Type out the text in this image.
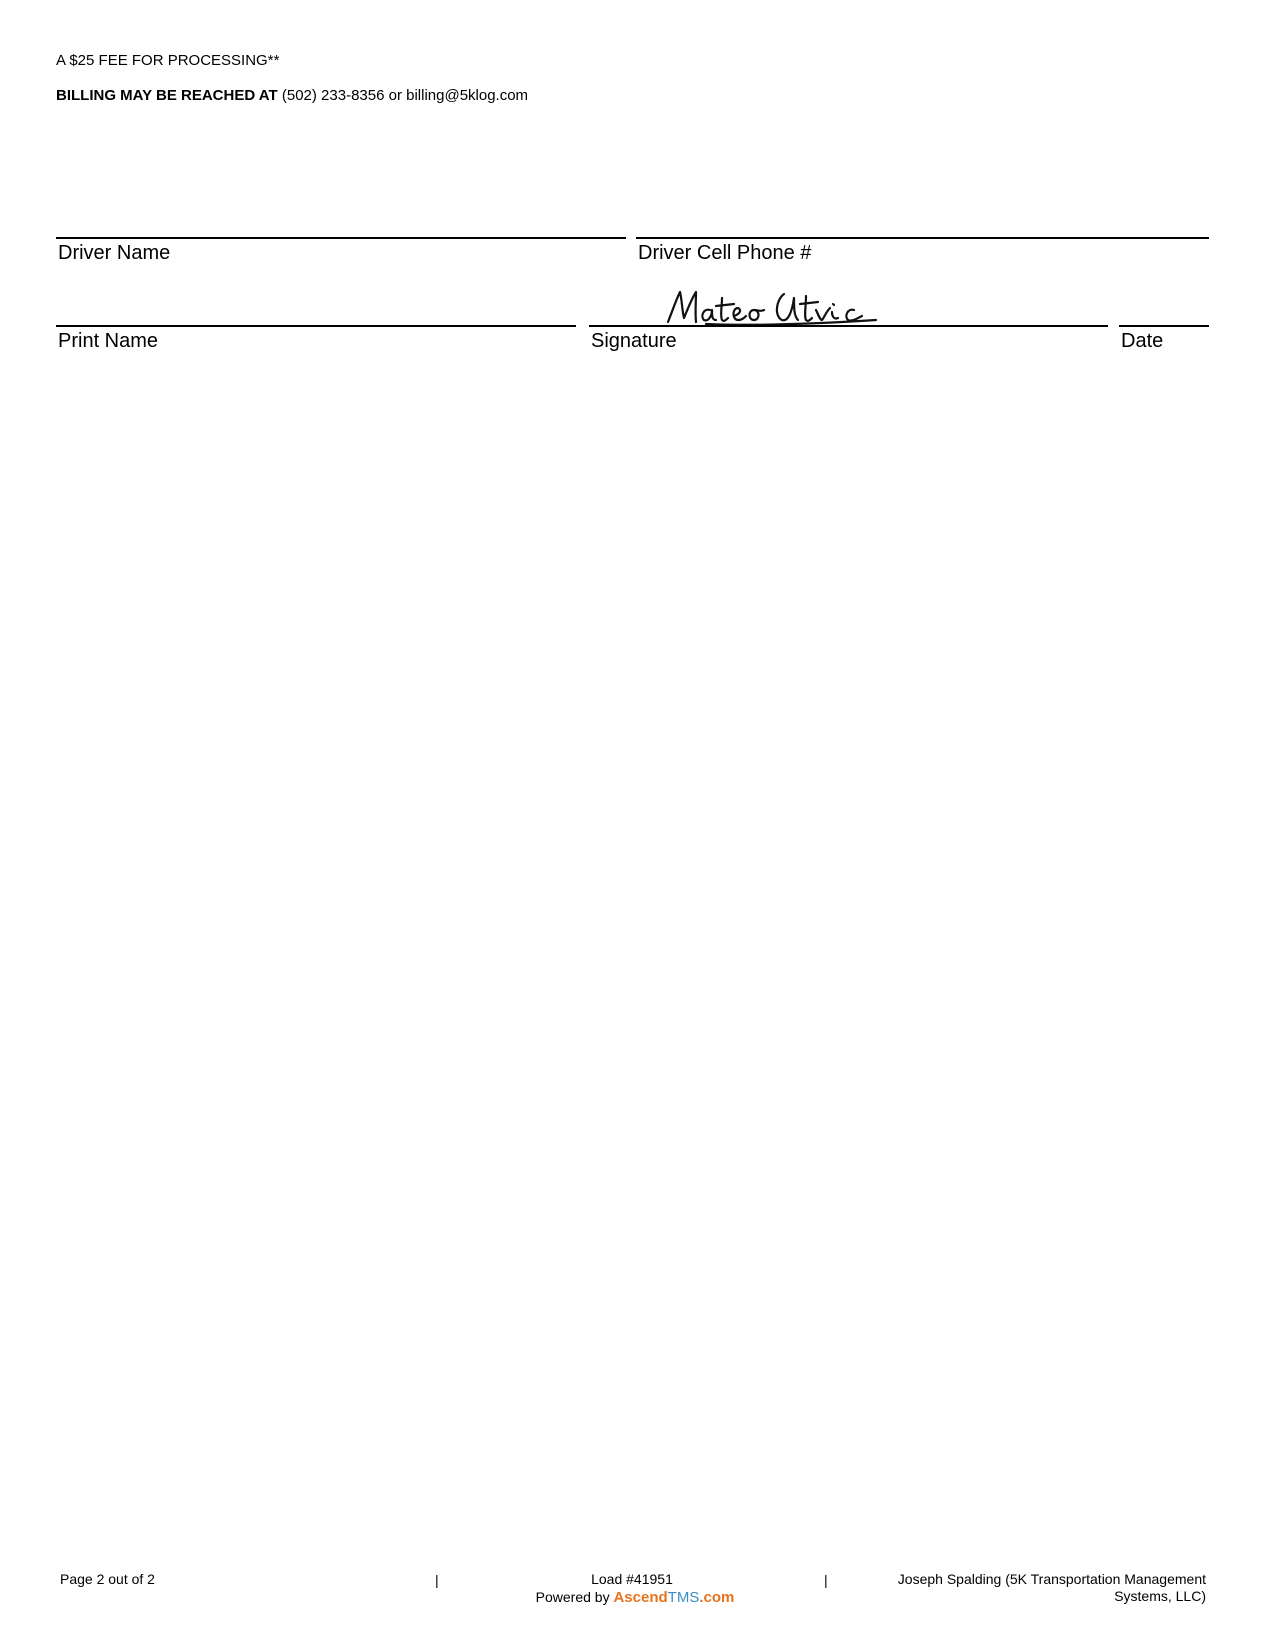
A $25 FEE FOR PROCESSING**
BILLING MAY BE REACHED AT (502) 233-8356 or billing@5klog.com
Driver Name	Driver Cell Phone #
Print Name	Signature	Date
Page 2 out of 2	|	Load #41951
Powered by AscendTMS.com
|	Joseph Spalding (5K Transportation Management Systems, LLC)
